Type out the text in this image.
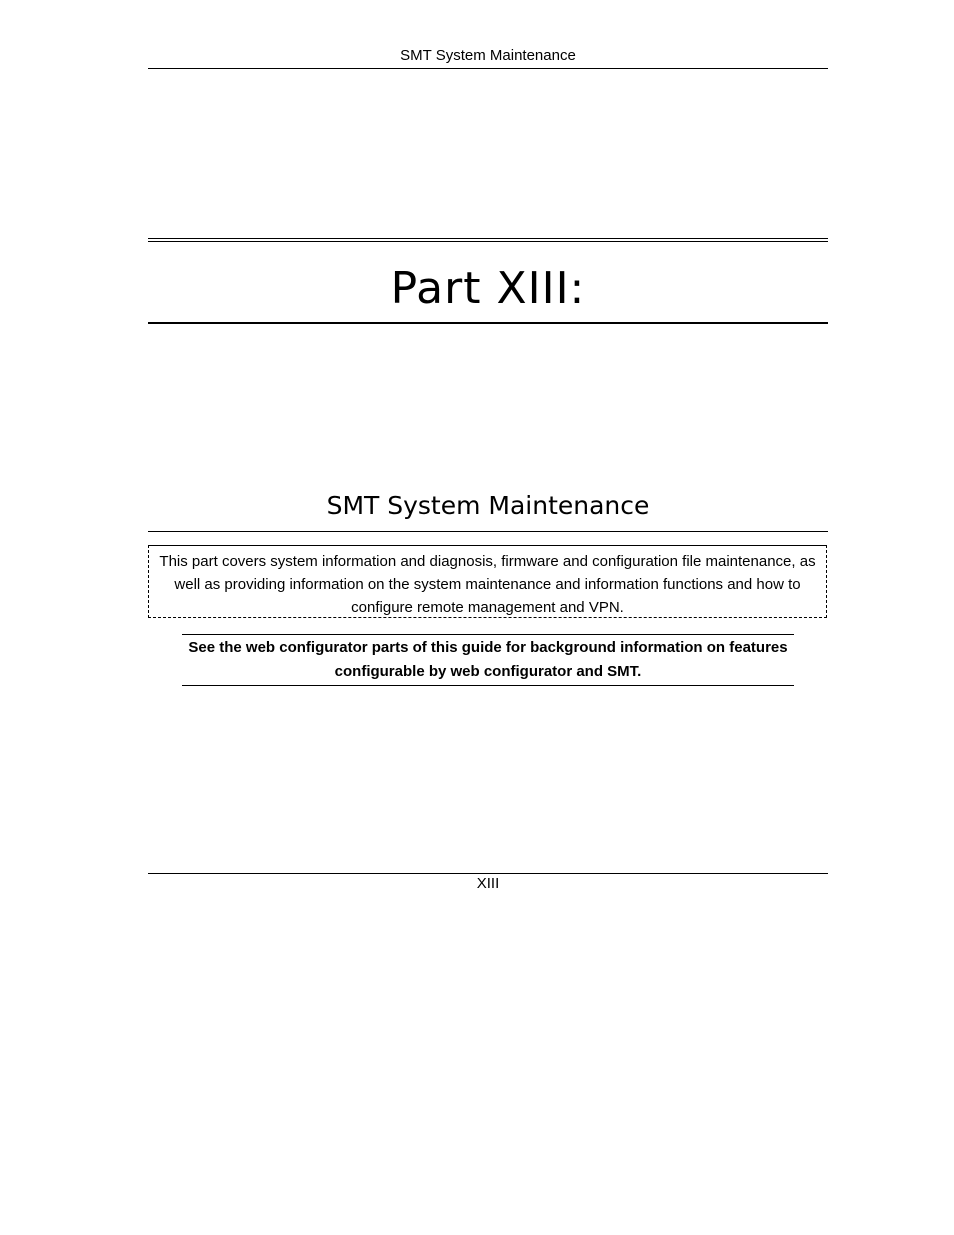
SMT System Maintenance
Part XIII:
SMT System Maintenance
This part covers system information and diagnosis, firmware and configuration file maintenance, as well as providing information on the system maintenance and information functions and how to configure remote management and VPN.
See the web configurator parts of this guide for background information on features configurable by web configurator and SMT.
XIII
